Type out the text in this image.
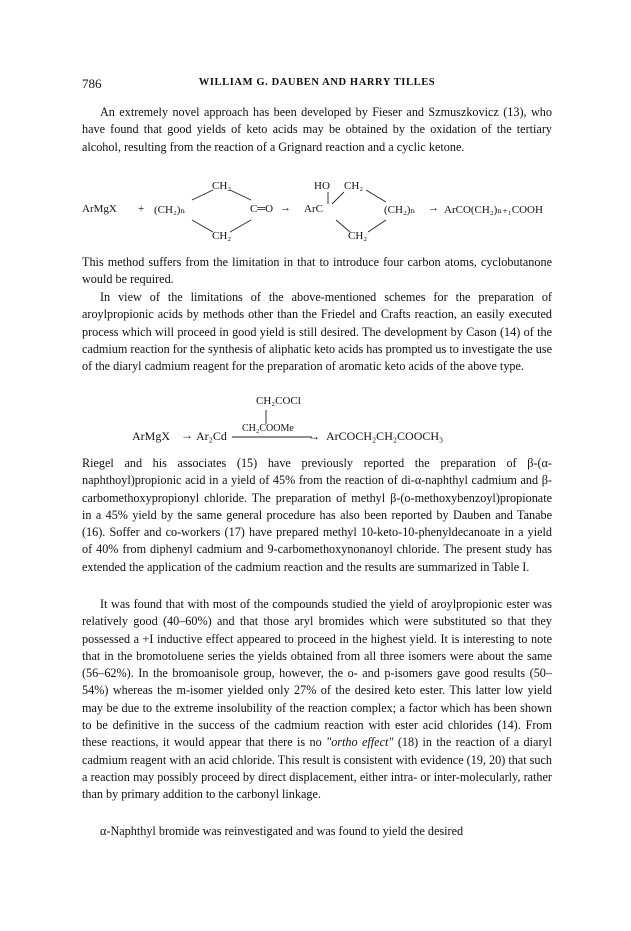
786	WILLIAM G. DAUBEN AND HARRY TILLES

An extremely novel approach has been developed by Fieser and Szmuszkovicz (13), who have found that good yields of keto acids may be obtained by the oxidation of the tertiary alcohol, resulting from the reaction of a Grignard reaction and a cyclic ketone.

ArMgX + (CH₂)ₙ
CH₂
CH₂
C═O →
HO CH₂
ArC	(CH₂)ₙ
CH₂
→ ArCO(CH₂)ₙ₊₁COOH

This method suffers from the limitation in that to introduce four carbon atoms, cyclobutanone would be required.

In view of the limitations of the above-mentioned schemes for the preparation of aroylpropionic acids by methods other than the Friedel and Crafts reaction, an easily executed process which will proceed in good yield is still desired. The development by Cason (14) of the cadmium reaction for the synthesis of aliphatic keto acids has prompted us to investigate the use of the diaryl cadmium reagent for the preparation of aromatic keto acids of the above type.

CH₂COCl
ArMgX → Ar₂Cd
CH₂COOMe
→ ArCOCH₂CH₂COOCH₃

Riegel and his associates (15) have previously reported the preparation of β-(α-naphthoyl)propionic acid in a yield of 45% from the reaction of di-α-naphthyl cadmium and β-carbomethoxypropionyl chloride. The preparation of methyl β-(o-methoxybenzoyl)propionate in a 45% yield by the same general procedure has also been reported by Dauben and Tanabe (16). Soffer and co-workers (17) have prepared methyl 10-keto-10-phenyldecanoate in a yield of 40% from diphenyl cadmium and 9-carbomethoxynonanoyl chloride. The present study has extended the application of the cadmium reaction and the results are summarized in Table I.

It was found that with most of the compounds studied the yield of aroylpropionic ester was relatively good (40–60%) and that those aryl bromides which were substituted so that they possessed a +I inductive effect appeared to proceed in the highest yield. It is interesting to note that in the bromotoluene series the yields obtained from all three isomers were about the same (56–62%). In the bromoanisole group, however, the o- and p-isomers gave good results (50–54%) whereas the m-isomer yielded only 27% of the desired keto ester. This latter low yield may be due to the extreme insolubility of the reaction complex; a factor which has been shown to be definitive in the success of the cadmium reaction with ester acid chlorides (14). From these reactions, it would appear that there is no "ortho effect" (18) in the reaction of a diaryl cadmium reagent with an acid chloride. This result is consistent with evidence (19, 20) that such a reaction may possibly proceed by direct displacement, either intra- or inter-molecularly, rather than by primary addition to the carbonyl linkage.

α-Naphthyl bromide was reinvestigated and was found to yield the desired
